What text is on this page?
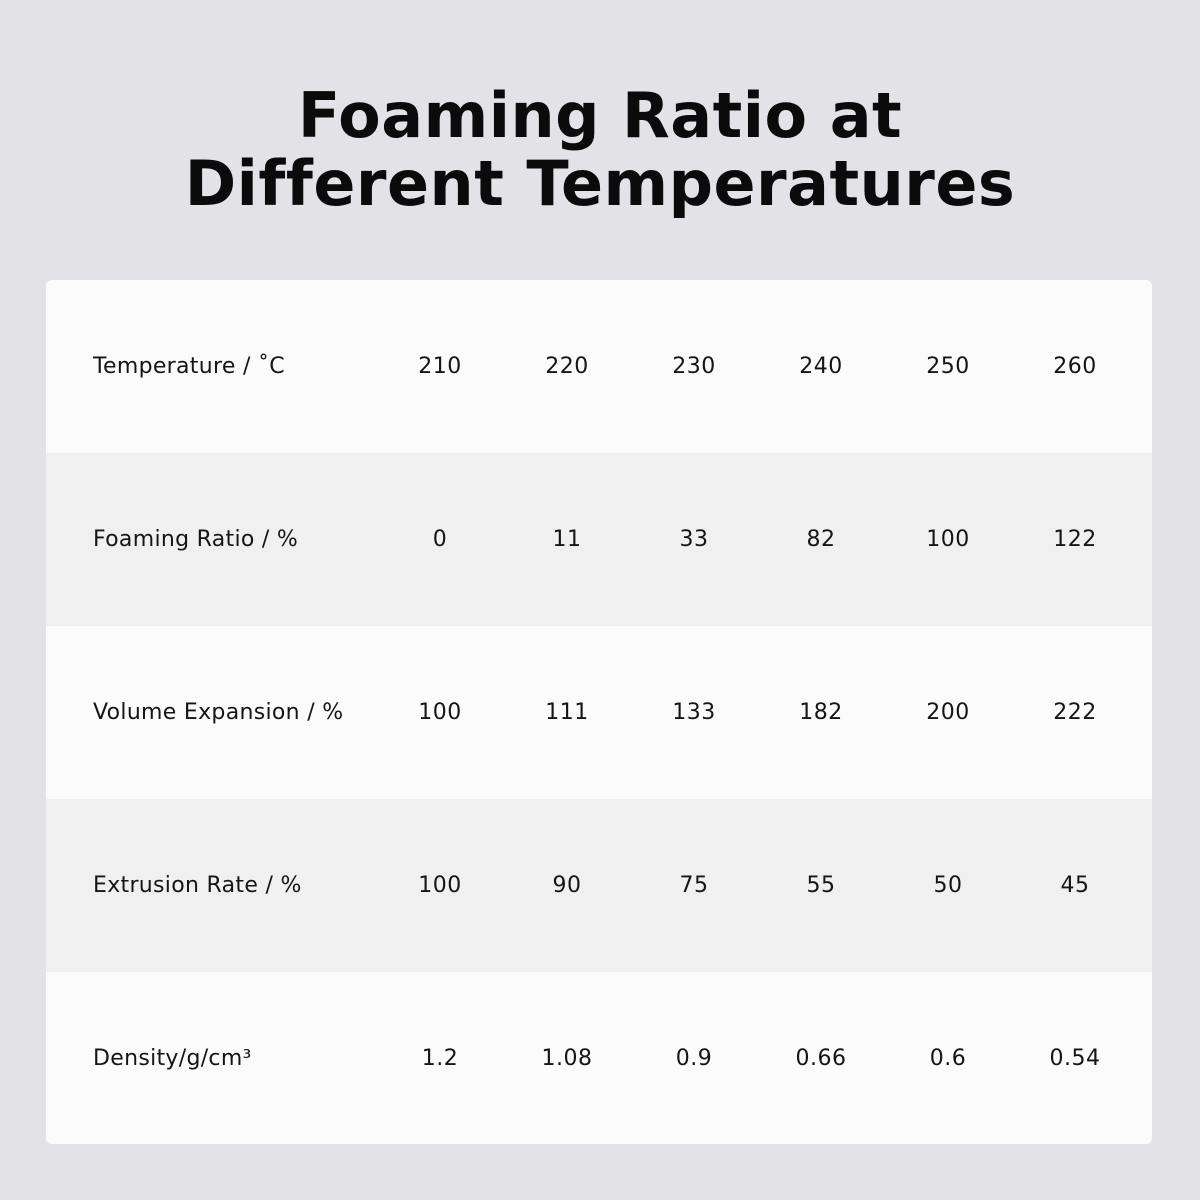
Foaming Ratio at
Different Temperatures
Temperature / ˚C	210	220	230	240	250	260
Foaming Ratio / %	0	11	33	82	100	122
Volume Expansion / %	100	111	133	182	200	222
Extrusion Rate / %	100	90	75	55	50	45
Density/g/cm³	1.2	1.08	0.9	0.66	0.6	0.54
